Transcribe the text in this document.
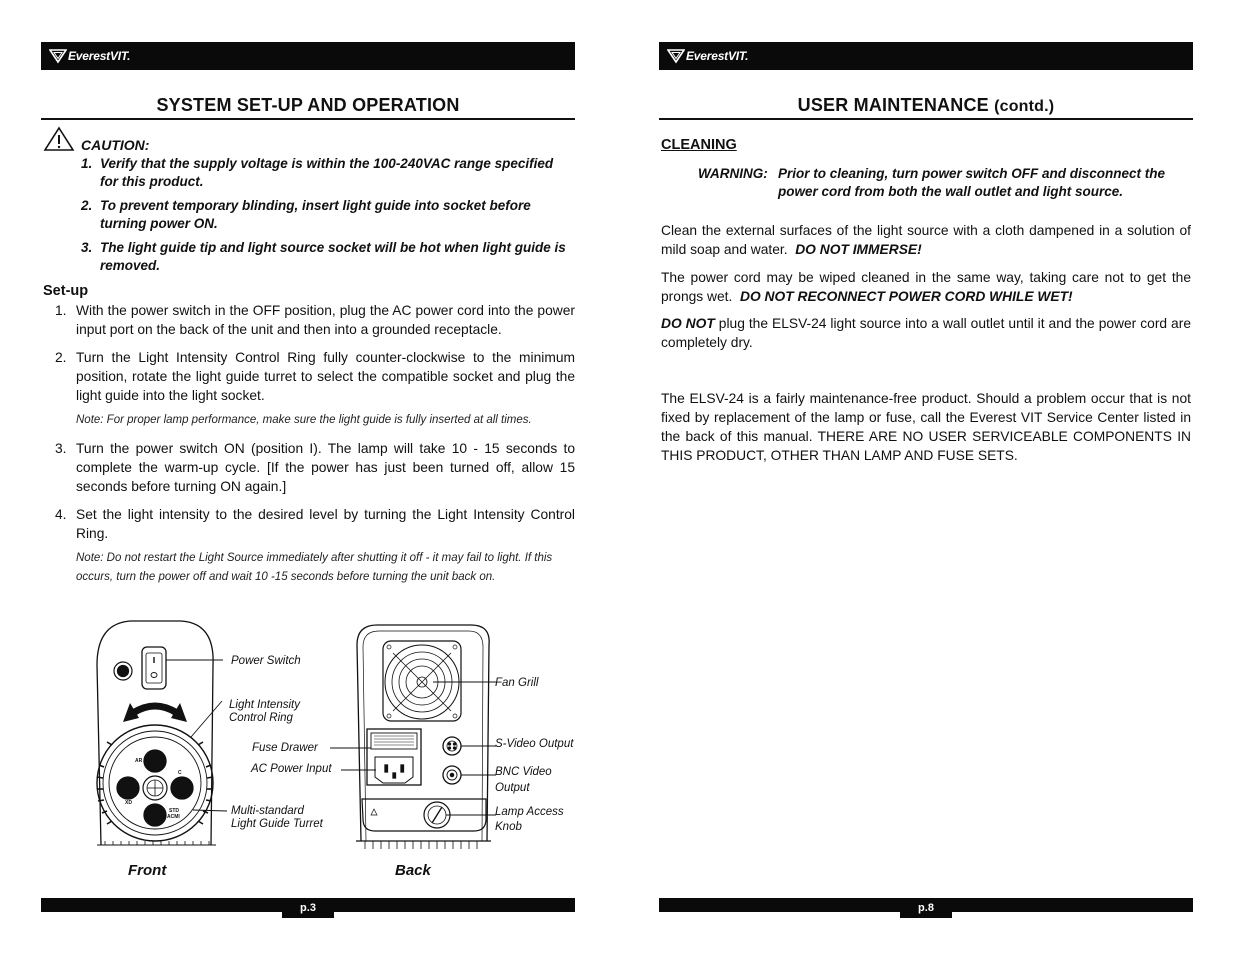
EverestVIT.
SYSTEM SET-UP AND OPERATION
CAUTION:
1. Verify that the supply voltage is within the 100-240VAC range specified for this product.
2. To prevent temporary blinding, insert light guide into socket before turning power ON.
3. The light guide tip and light source socket will be hot when light guide is removed.
Set-up
1. With the power switch in the OFF position, plug the AC power cord into the power input port on the back of the unit and then into a grounded receptacle.
2. Turn the Light Intensity Control Ring fully counter-clockwise to the minimum position, rotate the light guide turret to select the compatible socket and plug the light guide into the light socket.
Note: For proper lamp performance, make sure the light guide is fully inserted at all times.
3. Turn the power switch ON (position I). The lamp will take 10 - 15 seconds to complete the warm-up cycle. [If the power has just been turned off, allow 15 seconds before turning ON again.]
4. Set the light intensity to the desired level by turning the Light Intensity Control Ring.
Note: Do not restart the Light Source immediately after shutting it off - it may fail to light. If this occurs, turn the power off and wait 10 -15 seconds before turning the unit back on.
AR
C
STD
ACMI
XD
Power Switch
Light Intensity
Control Ring
Fuse Drawer
AC Power Input
Multi-standard
Light Guide Turret
Fan Grill
S-Video Output
BNC Video
Output
Lamp Access
Knob
Front	Back
p.3
EverestVIT.
USER MAINTENANCE (contd.)
CLEANING
WARNING: Prior to cleaning, turn power switch OFF and disconnect the power cord from both the wall outlet and light source.
Clean the external surfaces of the light source with a cloth dampened in a solution of mild soap and water. DO NOT IMMERSE!
The power cord may be wiped cleaned in the same way, taking care not to get the prongs wet. DO NOT RECONNECT POWER CORD WHILE WET!
DO NOT plug the ELSV-24 light source into a wall outlet until it and the power cord are completely dry.
The ELSV-24 is a fairly maintenance-free product. Should a problem occur that is not fixed by replacement of the lamp or fuse, call the Everest VIT Service Center listed in the back of this manual. THERE ARE NO USER SERVICEABLE COMPONENTS IN THIS PRODUCT, OTHER THAN LAMP AND FUSE SETS.
p.8
